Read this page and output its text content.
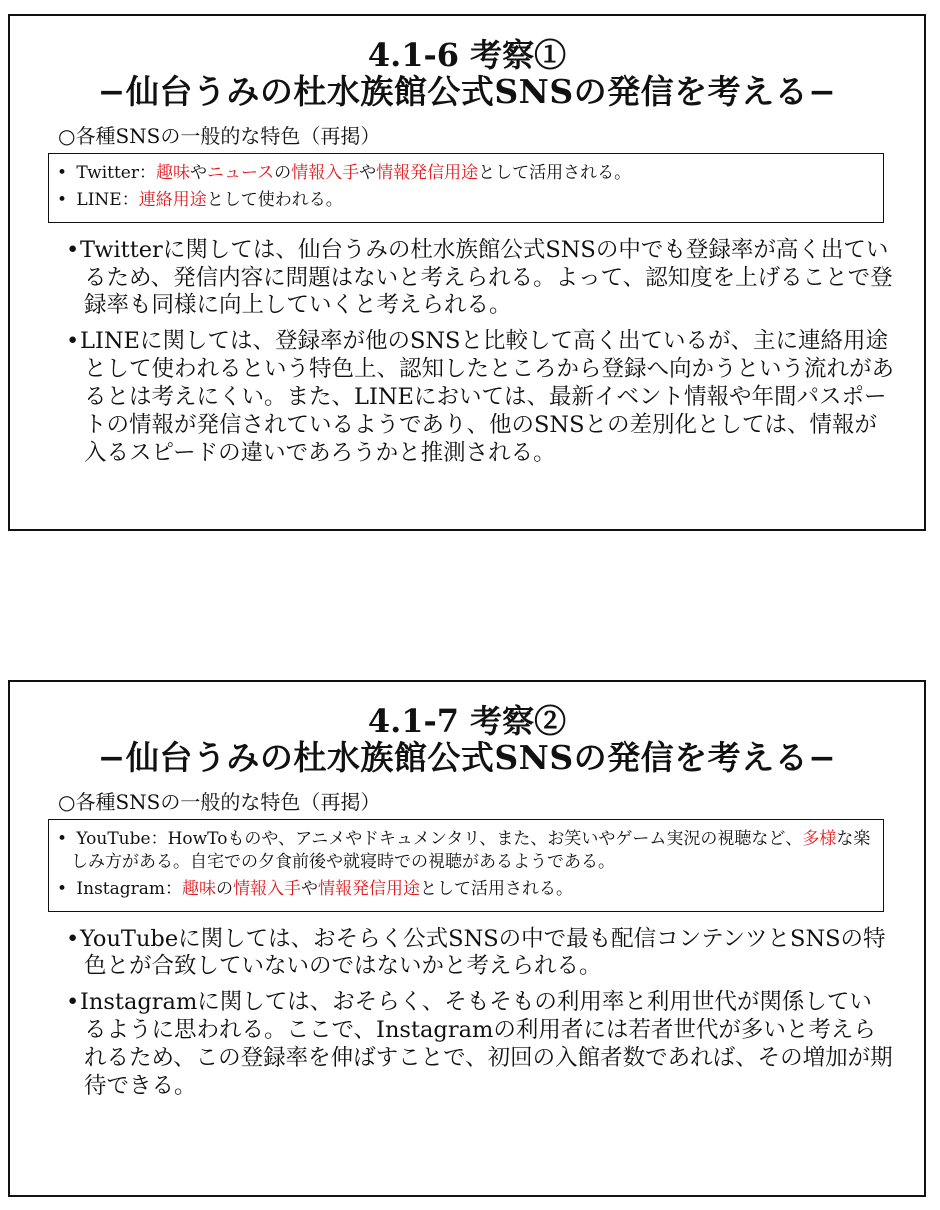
4.1-6 考察①
−仙台うみの杜水族館公式SNSの発信を考える−
○各種SNSの一般的な特色（再掲）
• Twitter：趣味やニュースの情報入手や情報発信用途として活用される。
• LINE：連絡用途として使われる。
• Twitterに関しては、仙台うみの杜水族館公式SNSの中でも登録率が高く出ているため、発信内容に問題はないと考えられる。よって、認知度を上げることで登録率も同様に向上していくと考えられる。
• LINEに関しては、登録率が他のSNSと比較して高く出ているが、主に連絡用途として使われるという特色上、認知したところから登録へ向かうという流れがあるとは考えにくい。また、LINEにおいては、最新イベント情報や年間パスポートの情報が発信されているようであり、他のSNSとの差別化としては、情報が入るスピードの違いであろうかと推測される。
4.1-7 考察②
−仙台うみの杜水族館公式SNSの発信を考える−
○各種SNSの一般的な特色（再掲）
• YouTube：HowToものや、アニメやドキュメンタリ、また、お笑いやゲーム実況の視聴など、多様な楽しみ方がある。自宅での夕食前後や就寝時での視聴があるようである。
• Instagram：趣味の情報入手や情報発信用途として活用される。
• YouTubeに関しては、おそらく公式SNSの中で最も配信コンテンツとSNSの特色とが合致していないのではないかと考えられる。
• Instagramに関しては、おそらく、そもそもの利用率と利用世代が関係しているように思われる。ここで、Instagramの利用者には若者世代が多いと考えられるため、この登録率を伸ばすことで、初回の入館者数であれば、その増加が期待できる。
